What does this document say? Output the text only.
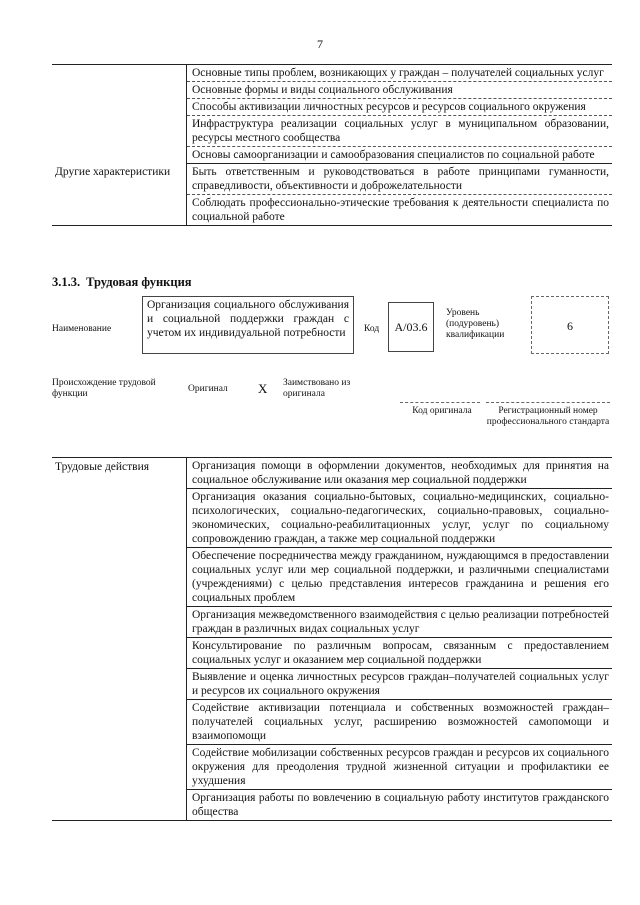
7
	Основные типы проблем, возникающих у граждан – получателей социальных услуг
	Основные формы и виды социального обслуживания
	Способы активизации личностных ресурсов и ресурсов социального окружения
	Инфраструктура реализации социальных услуг в муниципальном образовании, ресурсы местного сообщества
	Основы самоорганизации и самообразования специалистов по социальной работе
Другие характеристики	Быть ответственным и руководствоваться в работе принципами гуманности, справедливости, объективности и доброжелательности
	Соблюдать профессионально-этические требования к деятельности специалиста по социальной работе
3.1.3. Трудовая функция
Наименование
Организация социального обслуживания и социальной поддержки граждан с учетом их индивидуальной потребности	Код	A/03.6
Уровень (подуровень) квалификации
6
Происхождение трудовой функции	Оригинал X Заимствовано из оригинала
Код оригинала	Регистрационный номер профессионального стандарта
Трудовые действия	Организация помощи в оформлении документов, необходимых для принятия на социальное обслуживание или оказания мер социальной поддержки
Организация оказания социально-бытовых, социально-медицинских, социально-психологических, социально-педагогических, социально-правовых, социально-экономических, социально-реабилитационных услуг, услуг по социальному сопровождению граждан, а также мер социальной поддержки
Обеспечение посредничества между гражданином, нуждающимся в предоставлении социальных услуг или мер социальной поддержки, и различными специалистами (учреждениями) с целью представления интересов гражданина и решения его социальных проблем
Организация межведомственного взаимодействия с целью реализации потребностей граждан в различных видах социальных услуг
Консультирование по различным вопросам, связанным с предоставлением социальных услуг и оказанием мер социальной поддержки
Выявление и оценка личностных ресурсов граждан–получателей социальных услуг и ресурсов их социального окружения
Содействие активизации потенциала и собственных возможностей граждан–получателей социальных услуг, расширению возможностей самопомощи и взаимопомощи
Содействие мобилизации собственных ресурсов граждан и ресурсов их социального окружения для преодоления трудной жизненной ситуации и профилактики ее ухудшения
Организация работы по вовлечению в социальную работу институтов гражданского общества
